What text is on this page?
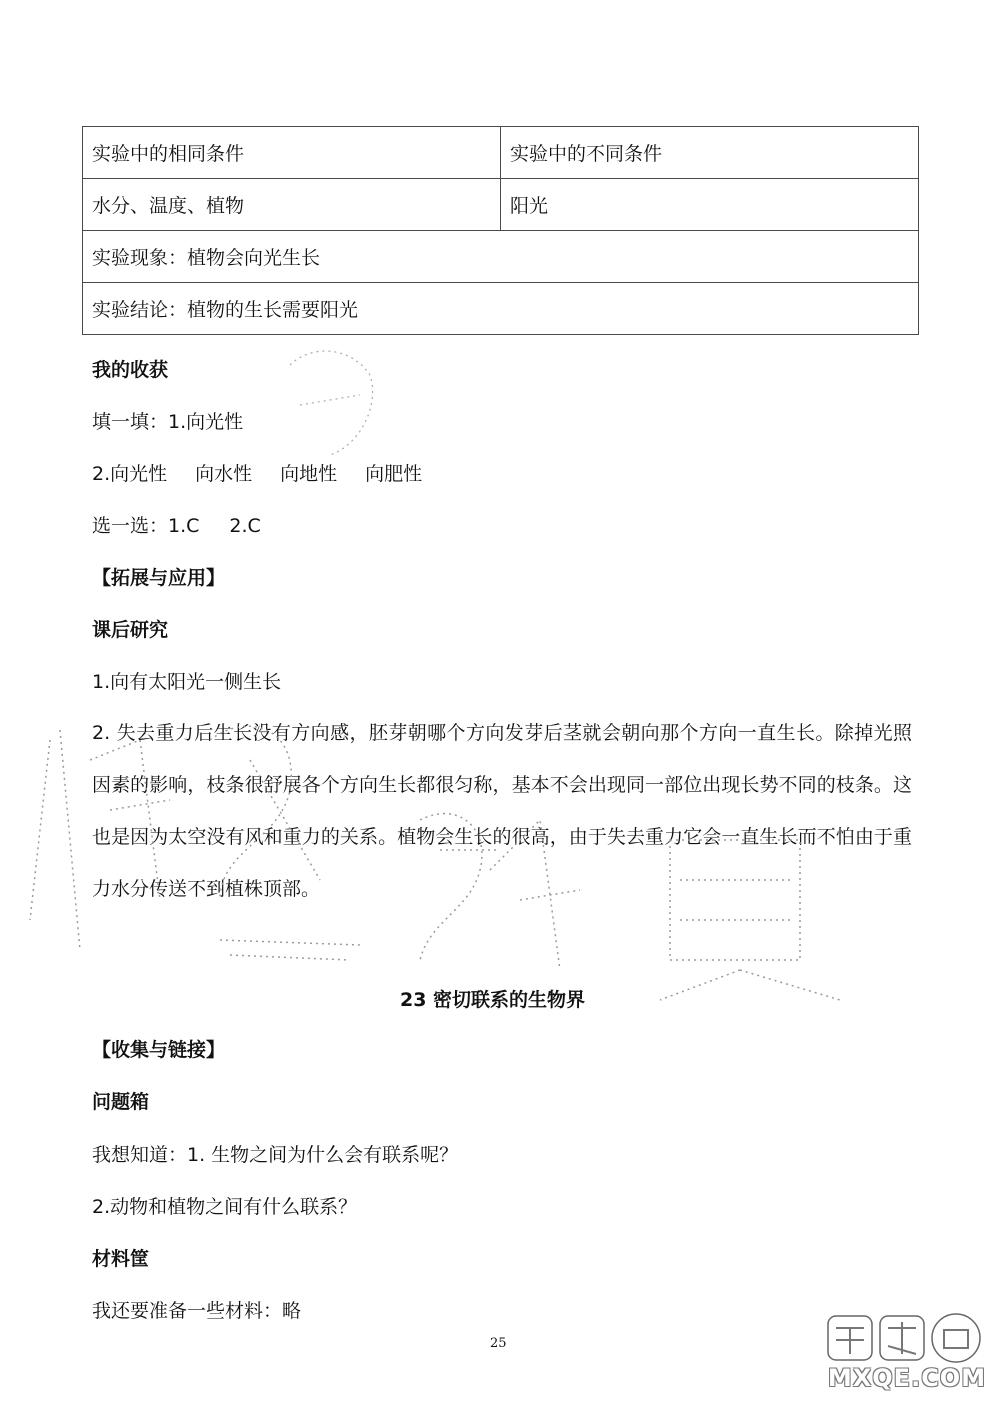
实验中的相同条件	实验中的不同条件
水分、温度、植物	阳光
实验现象：植物会向光生长	
实验结论：植物的生长需要阳光	
我的收获
填一填：1.向光性
2.向光性 向水性 向地性 向肥性
选一选：1.C 2.C
【拓展与应用】
课后研究
1.向有太阳光一侧生长
2. 失去重力后生长没有方向感，胚芽朝哪个方向发芽后茎就会朝向那个方向一直生长。除掉光照因素的影响，枝条很舒展各个方向生长都很匀称，基本不会出现同一部位出现长势不同的枝条。这也是因为太空没有风和重力的关系。植物会生长的很高，由于失去重力它会一直生长而不怕由于重力水分传送不到植株顶部。
23 密切联系的生物界
【收集与链接】
问题箱
我想知道：1. 生物之间为什么会有联系呢？
2.动物和植物之间有什么联系？
材料筐
我还要准备一些材料：略
25
MXQE.COM
